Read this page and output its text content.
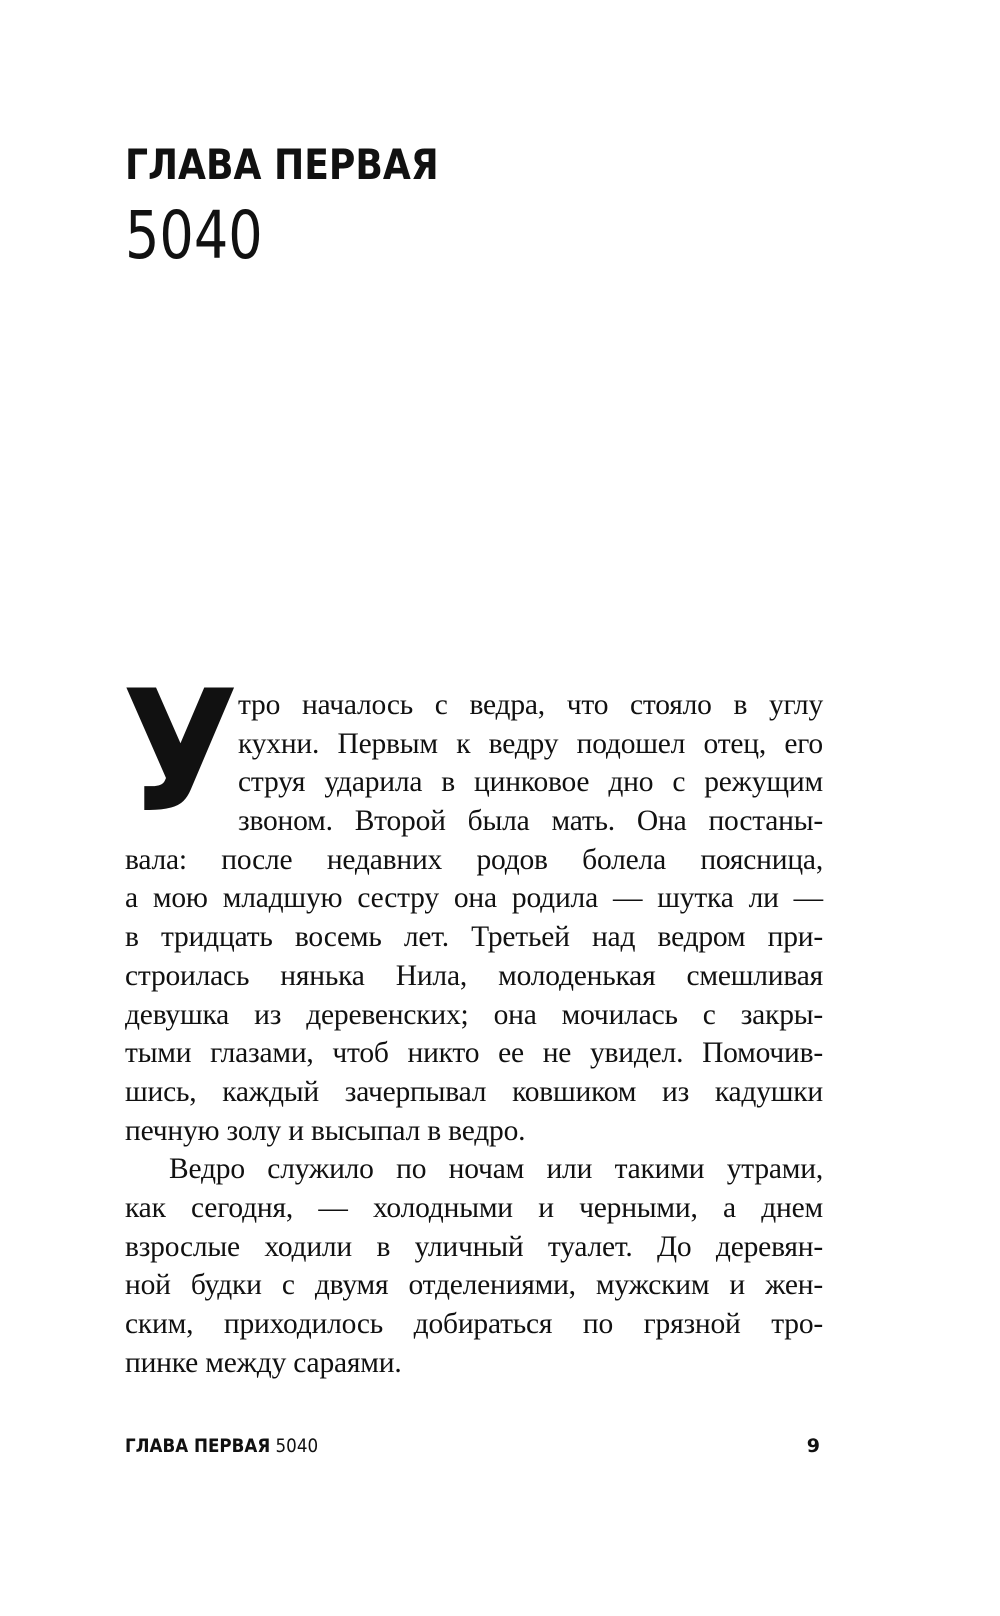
ГЛАВА ПЕРВАЯ
5040
У тро началось с ведра, что стояло в углу
кухни. Первым к ведру подошел отец, его
струя ударила в цинковое дно с режущим
звоном. Второй была мать. Она постаны-
вала: после недавних родов болела поясница,
а мою младшую сестру она родила — шутка ли —
в тридцать восемь лет. Третьей над ведром при-
строилась нянька Нила, молоденькая смешливая
девушка из деревенских; она мочилась с закры-
тыми глазами, чтоб никто ее не увидел. Помочив-
шись, каждый зачерпывал ковшиком из кадушки
печную золу и высыпал в ведро.
Ведро служило по ночам или такими утрами,
как сегодня, — холодными и черными, а днем
взрослые ходили в уличный туалет. До деревян-
ной будки с двумя отделениями, мужским и жен-
ским, приходилось добираться по грязной тро-
пинке между сараями.
ГЛАВА ПЕРВАЯ 5040	9
